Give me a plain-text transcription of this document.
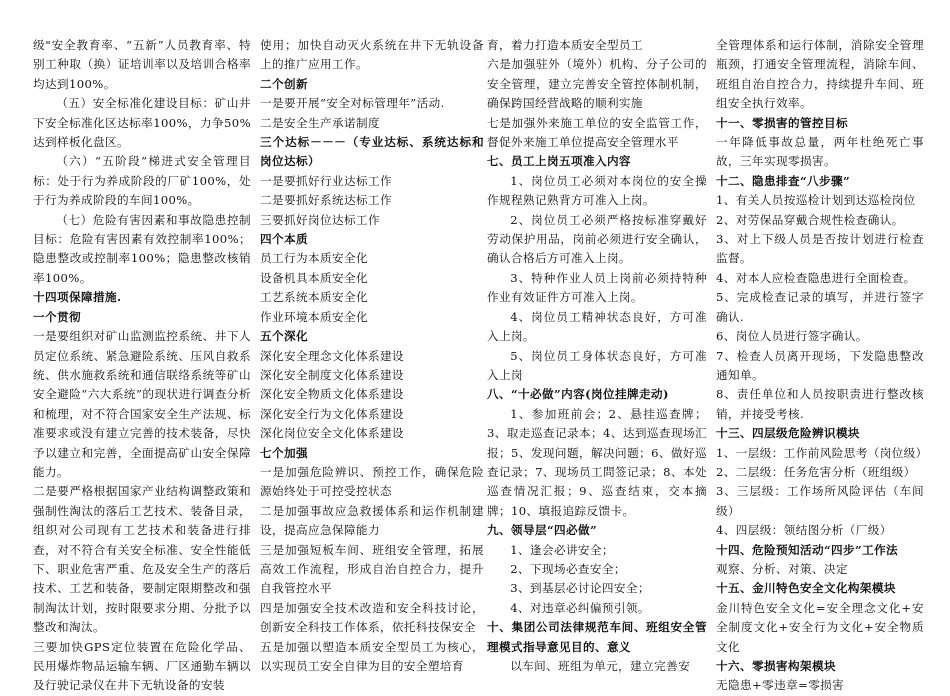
级"安全教育率、“五新”人员教育率、特别工种取（换）证培训率以及培训合格率均达到100%。
（五）安全标准化建设目标：矿山井下安全标准化区达标率100%，力争50%达到样板化盘区。
（六）“五阶段”梯进式安全管理目标：处于行为养成阶段的厂矿100%，处于行为养成阶段的车间100%。
（七）危险有害因素和事故隐患控制目标：危险有害因素有效控制率100%；隐患整改或控制率100%；隐患整改核销率100%。
十四项保障措施.
一个贯彻
一是要组织对矿山监测监控系统、井下人员定位系统、紧急避险系统、压风自救系统、供水施救系统和通信联络系统等矿山安全避险“六大系统”的现状进行调查分析和梳理，对不符合国家安全生产法规、标准要求或没有建立完善的技术装备，尽快予以建立和完善，全面提高矿山安全保障能力。
二是要严格根据国家产业结构调整政策和强制性淘汰的落后工艺技术、装备目录，组织对公司现有工艺技术和装备进行排查，对不符合有关安全标准、安全性能低下、职业危害严重、危及安全生产的落后技术、工艺和装备，要制定限期整改和强制淘汰计划，按时限要求分期、分批予以整改和淘汰。
三要加快GPS定位装置在危险化学品、民用爆炸物品运输车辆、厂区通勤车辆以及行驶记录仪在井下无轨设备的安装
使用；加快自动灭火系统在井下无轨设备上的推广应用工作。
二个创新
一是要开展“安全对标管理年”活动.
二是安全生产承诺制度
三个达标－－－（专业达标、系统达标和岗位达标）
一是要抓好行业达标工作
二是要抓好系统达标工作
三要抓好岗位达标工作
四个本质
员工行为本质安全化
设备机具本质安全化
工艺系统本质安全化
作业环境本质安全化
五个深化
深化安全理念文化体系建设
深化安全制度文化体系建设
深化安全物质文化体系建设
深化安全行为文化体系建设
深化岗位安全文化体系建设
七个加强
一是加强危险辨识、预控工作，确保危险源始终处于可控受控状态
二是加强事故应急救援体系和运作机制建设，提高应急保障能力
三是加强短板车间、班组安全管理，拓展高效工作流程，形成自治自控合力，提升自我管控水平
四是加强安全技术改造和安全科技讨论，创新安全科技工作体系，依托科技保安全
五是加强以塑造本质安全型员工为核心，以实现员工安全自律为目的安全塑培育
育，着力打造本质安全型员工
六是加强驻外（境外）机构、分子公司的安全管理，建立完善安全管控体制机制，确保跨国经营战略的顺利实施
七是加强外来施工单位的安全监管工作，督促外来施工单位提高安全管理水平
七、员工上岗五项准入内容
1、岗位员工必须对本岗位的安全操作规程熟记熟背方可准入上岗。
2、岗位员工必须严格按标准穿戴好劳动保护用品，岗前必须进行安全确认，确认合格后方可准入上岗。
3、特种作业人员上岗前必须持特种作业有效证件方可准入上岗。
4、岗位员工精神状态良好，方可准入上岗。
5、岗位员工身体状态良好，方可准入上岗
八、“十必做”内容(岗位挂牌走动)
1、参加班前会；2、悬挂巡查牌；3、取走巡查记录本；4、达到巡查现场汇报；5、发现问题，解决问题；6、做好巡查记录；7、现场员工問签记录；8、本处巡查情况汇报；9、巡查结束，交本摘牌；10、填报追踪反馈卡。
九、领导层“四必做”
1、逢会必讲安全；
2、下现场必查安全；
3、到基层必讨论四安全；
4、对违章必纠偏预引领。
十、集团公司法律规范车间、班组安全管理模式指导意见目的、意义
以车间、班组为单元，建立完善安
全管理体系和运行体制，消除安全管理瓶颈，打通安全管理流程，消除车间、班组自治自控合力，持续提升车间、班组安全执行效率。
十一、零损害的管控目标
一年降低事故总量，两年杜绝死亡事故，三年实现零损害。
十二、隐患排查“八步骤”
1、有关人员按巡检计划到达巡检岗位
2、对劳保品穿戴合规性检查确认。
3、对上下级人员是否按计划进行检查监督。
4、对本人应检查隐患进行全面检查。
5、完成检查记录的填写，并进行签字确认.
6、岗位人员进行签字确认。
7、检查人员离开现场，下发隐患整改通知单。
8、责任单位和人员按职责进行整改核销，并接受考核.
十三、四层级危险辨识模块
1、一层级：工作前风险思考（岗位级）
2、二层级：任务危害分析（班组级）
3、三层级：工作场所风险评估（车间级）
4、四层级：领结图分析（厂级）
十四、危险预知活动“四步”工作法
观察、分析、对策、决定
十五、金川特色安全文化构架模块
金川特色安全文化=安全理念文化+安全制度文化+安全行为文化+安全物质文化
十六、零损害构架模块
无隐患+零违章=零损害
